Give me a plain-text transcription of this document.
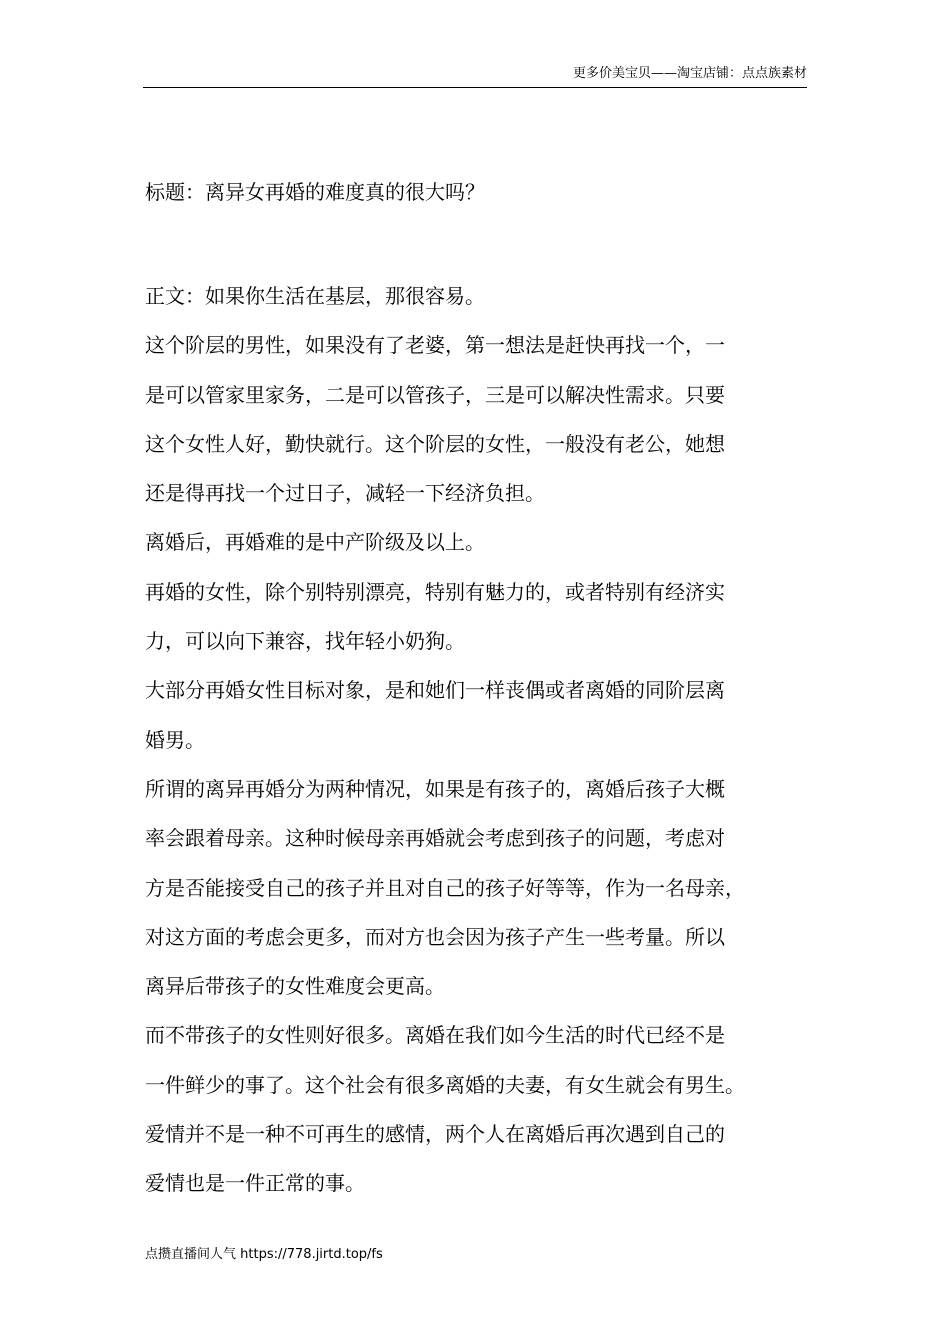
更多价美宝贝——淘宝店铺：点点族素材
标题：离异女再婚的难度真的很大吗？
正文：如果你生活在基层，那很容易。
这个阶层的男性，如果没有了老婆，第一想法是赶快再找一个，一
是可以管家里家务，二是可以管孩子，三是可以解决性需求。只要
这个女性人好，勤快就行。这个阶层的女性，一般没有老公，她想
还是得再找一个过日子，减轻一下经济负担。
离婚后，再婚难的是中产阶级及以上。
再婚的女性，除个别特别漂亮，特别有魅力的，或者特别有经济实
力，可以向下兼容，找年轻小奶狗。
大部分再婚女性目标对象，是和她们一样丧偶或者离婚的同阶层离
婚男。
所谓的离异再婚分为两种情况，如果是有孩子的，离婚后孩子大概
率会跟着母亲。这种时候母亲再婚就会考虑到孩子的问题，考虑对
方是否能接受自己的孩子并且对自己的孩子好等等，作为一名母亲，
对这方面的考虑会更多，而对方也会因为孩子产生一些考量。所以
离异后带孩子的女性难度会更高。
而不带孩子的女性则好很多。离婚在我们如今生活的时代已经不是
一件鲜少的事了。这个社会有很多离婚的夫妻，有女生就会有男生。
爱情并不是一种不可再生的感情，两个人在离婚后再次遇到自己的
爱情也是一件正常的事。
点攒直播间人气 https://778.jirtd.top/fs
